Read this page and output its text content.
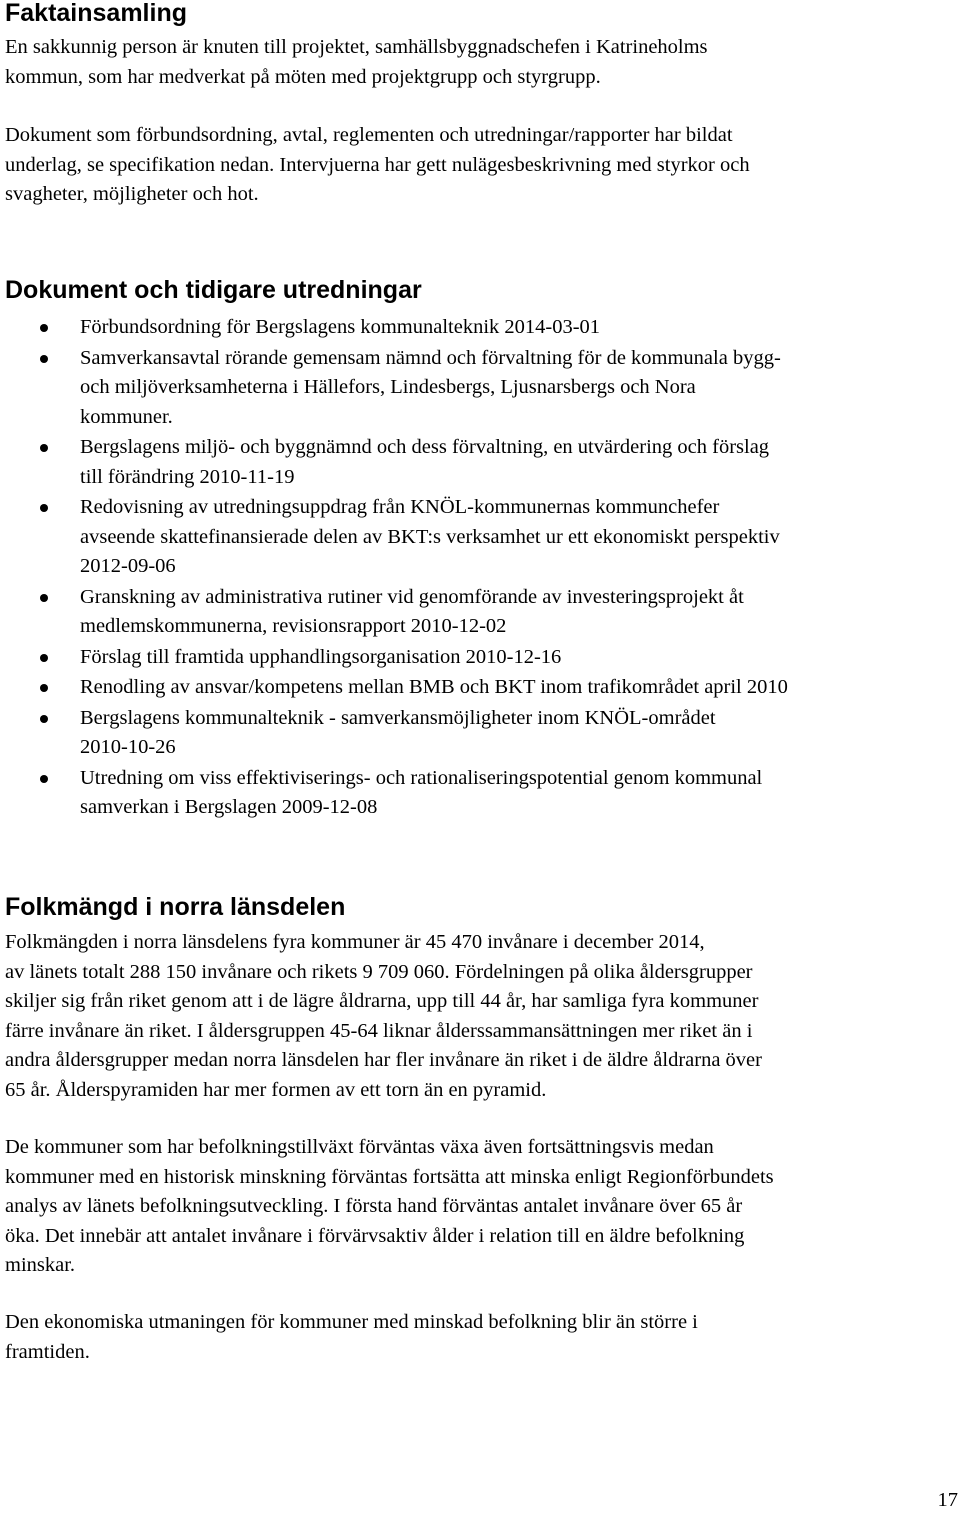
Faktainsamling

En sakkunnig person är knuten till projektet, samhällsbyggnadschefen i Katrineholms
kommun, som har medverkat på möten med projektgrupp och styrgrupp.

Dokument som förbundsordning, avtal, reglementen och utredningar/rapporter har bildat
underlag, se specifikation nedan. Intervjuerna har gett nulägesbeskrivning med styrkor och
svagheter, möjligheter och hot.

Dokument och tidigare utredningar
Förbundsordning för Bergslagens kommunalteknik 2014-03-01
Samverkansavtal rörande gemensam nämnd och förvaltning för de kommunala bygg-
och miljöverksamheterna i Hällefors, Lindesbergs, Ljusnarsbergs och Nora
kommuner.
Bergslagens miljö- och byggnämnd och dess förvaltning, en utvärdering och förslag
till förändring 2010-11-19
Redovisning av utredningsuppdrag från KNÖL-kommunernas kommunchefer
avseende skattefinansierade delen av BKT:s verksamhet ur ett ekonomiskt perspektiv
2012-09-06
Granskning av administrativa rutiner vid genomförande av investeringsprojekt åt
medlemskommunerna, revisionsrapport 2010-12-02
Förslag till framtida upphandlingsorganisation 2010-12-16
Renodling av ansvar/kompetens mellan BMB och BKT inom trafikområdet april 2010
Bergslagens kommunalteknik - samverkansmöjligheter inom KNÖL-området
2010-10-26
Utredning om viss effektiviserings- och rationaliseringspotential genom kommunal
samverkan i Bergslagen 2009-12-08
Folkmängd i norra länsdelen

Folkmängden i norra länsdelens fyra kommuner är 45 470 invånare i december 2014,
av länets totalt 288 150 invånare och rikets 9 709 060. Fördelningen på olika åldersgrupper
skiljer sig från riket genom att i de lägre åldrarna, upp till 44 år, har samliga fyra kommuner
färre invånare än riket. I åldersgruppen 45-64 liknar ålderssammansättningen mer riket än i
andra åldersgrupper medan norra länsdelen har fler invånare än riket i de äldre åldrarna över
65 år. Ålderspyramiden har mer formen av ett torn än en pyramid.

De kommuner som har befolkningstillväxt förväntas växa även fortsättningsvis medan
kommuner med en historisk minskning förväntas fortsätta att minska enligt Regionförbundets
analys av länets befolkningsutveckling. I första hand förväntas antalet invånare över 65 år
öka. Det innebär att antalet invånare i förvärvsaktiv ålder i relation till en äldre befolkning
minskar.

Den ekonomiska utmaningen för kommuner med minskad befolkning blir än större i
framtiden.

17
